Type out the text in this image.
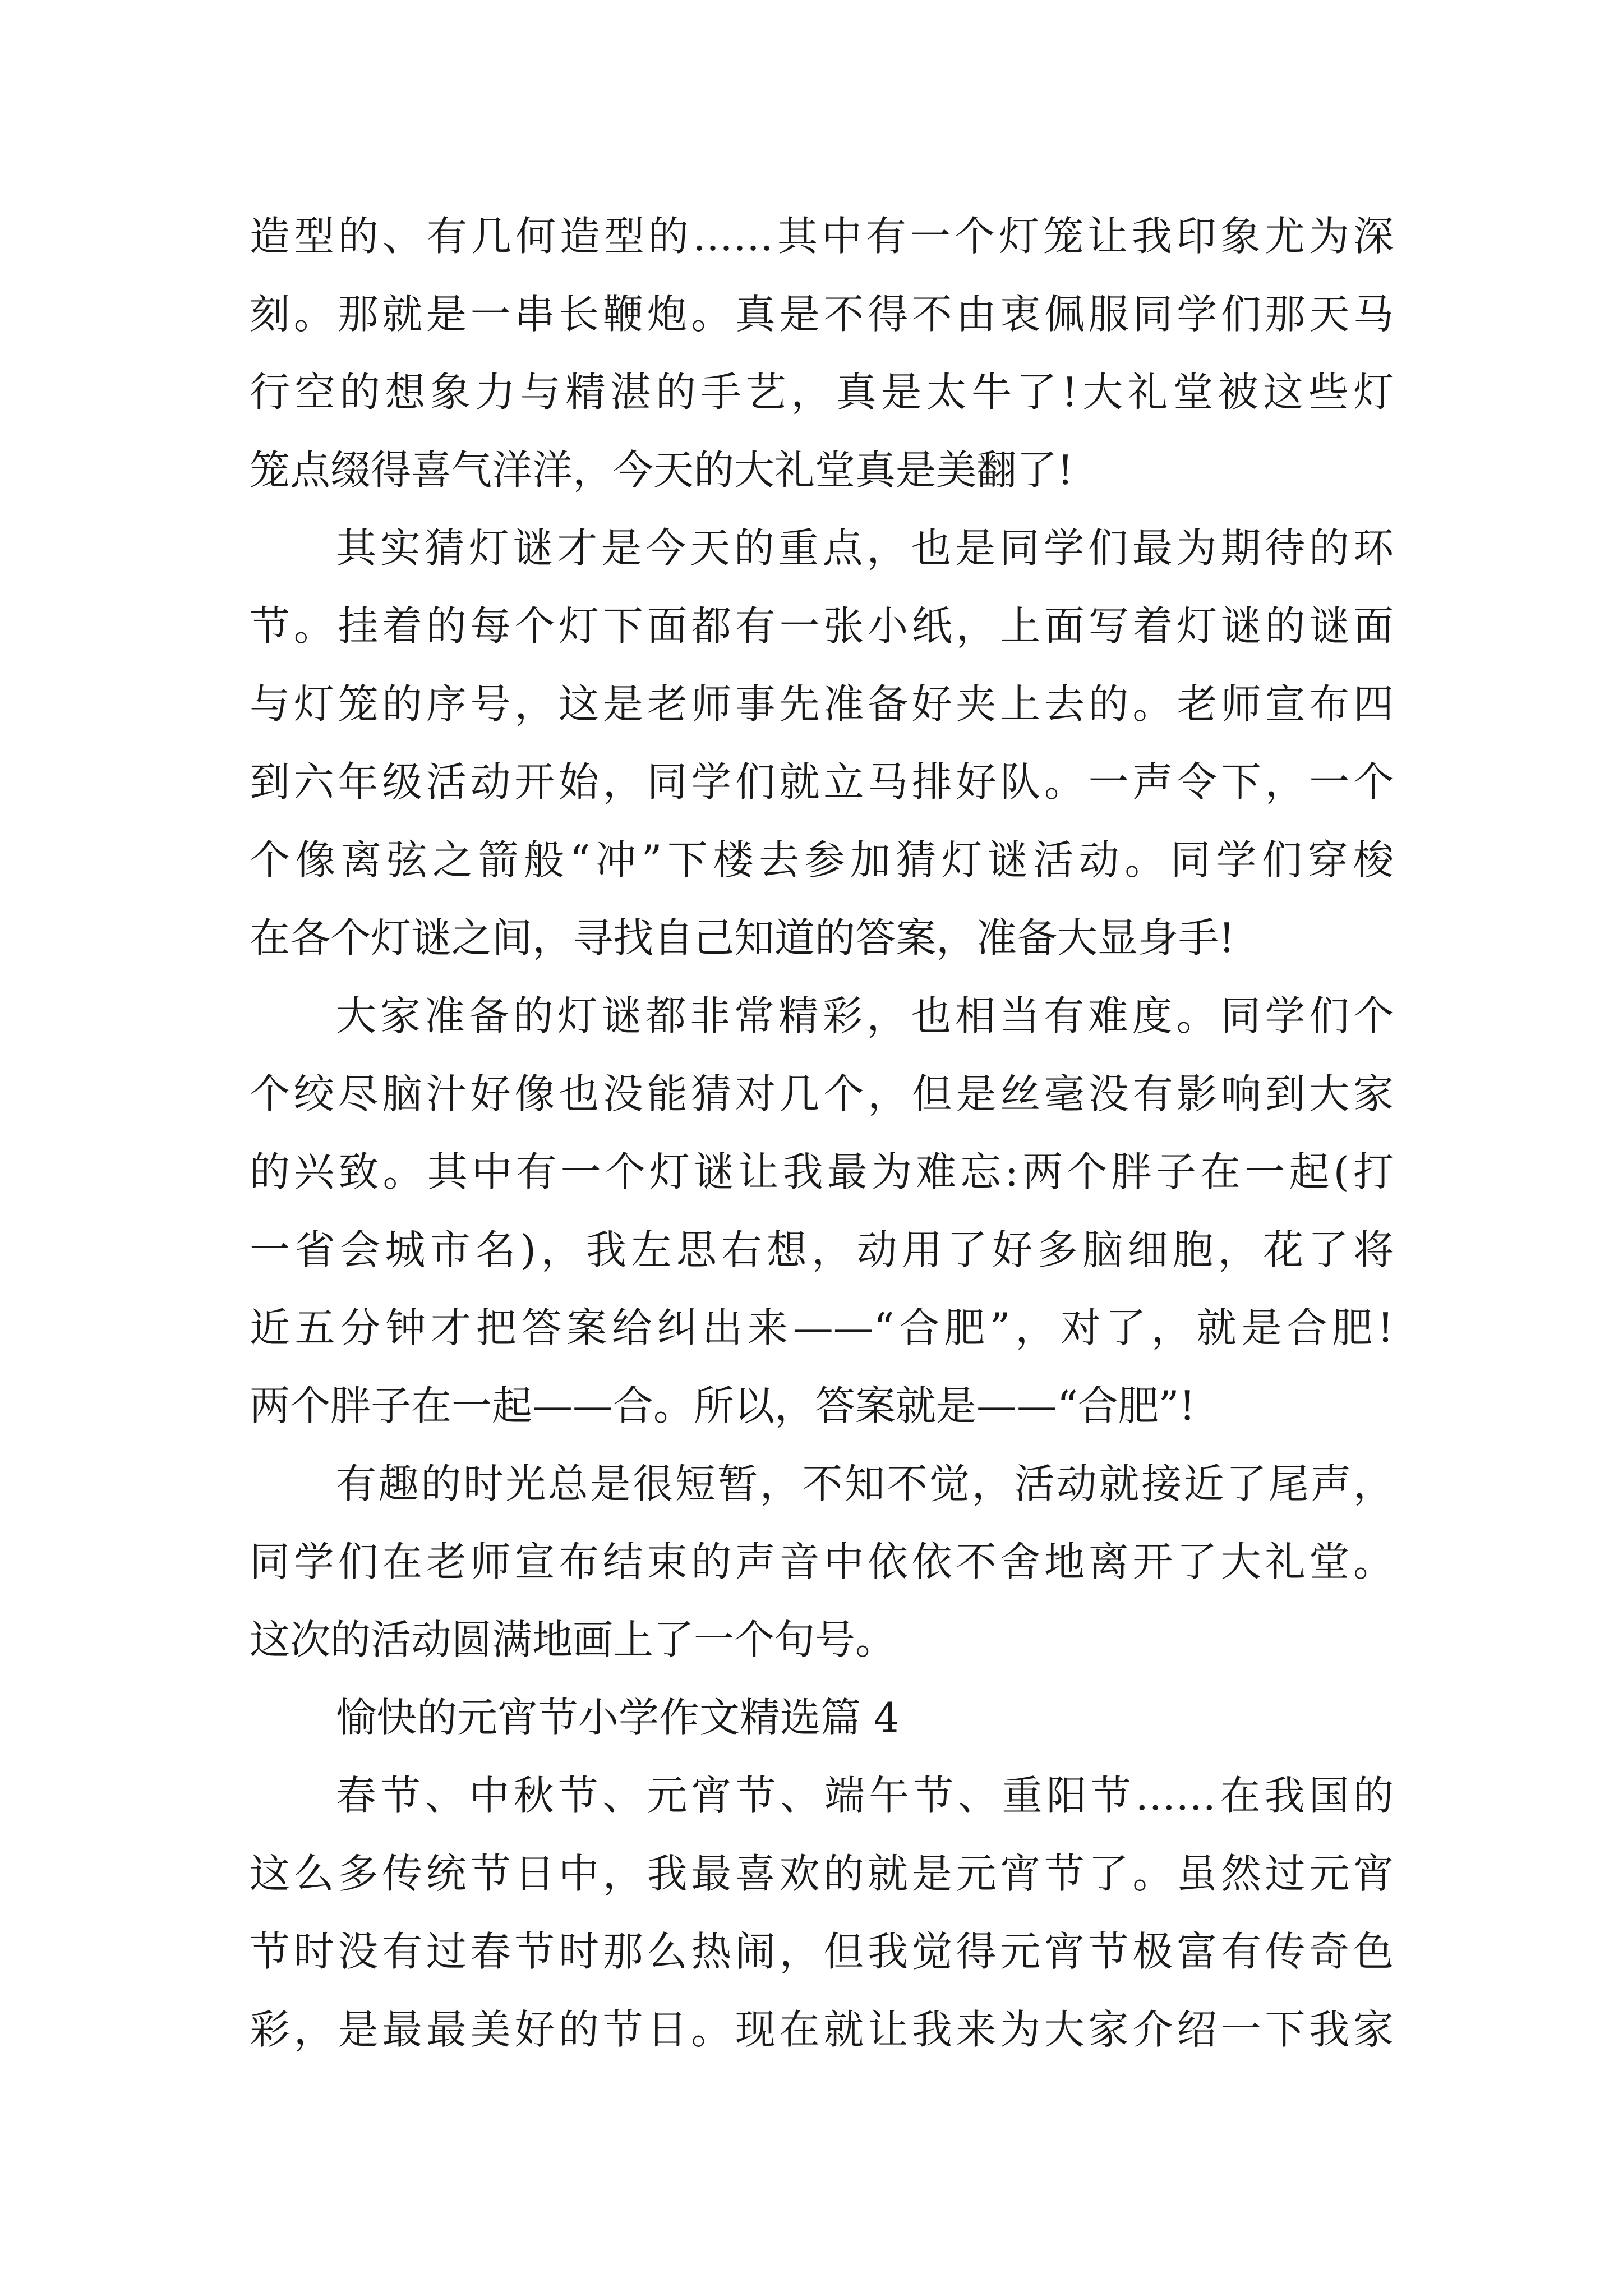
造型的、有几何造型的……其中有一个灯笼让我印象尤为深
刻。那就是一串长鞭炮。真是不得不由衷佩服同学们那天马
行空的想象力与精湛的手艺，真是太牛了!大礼堂被这些灯
笼点缀得喜气洋洋，今天的大礼堂真是美翻了!
其实猜灯谜才是今天的重点，也是同学们最为期待的环
节。挂着的每个灯下面都有一张小纸，上面写着灯谜的谜面
与灯笼的序号，这是老师事先准备好夹上去的。老师宣布四
到六年级活动开始，同学们就立马排好队。一声令下，一个
个像离弦之箭般“冲”下楼去参加猜灯谜活动。同学们穿梭
在各个灯谜之间，寻找自己知道的答案，准备大显身手!
大家准备的灯谜都非常精彩，也相当有难度。同学们个
个绞尽脑汁好像也没能猜对几个，但是丝毫没有影响到大家
的兴致。其中有一个灯谜让我最为难忘:两个胖子在一起(打
一省会城市名)，我左思右想，动用了好多脑细胞，花了将
近五分钟才把答案给纠出来——“合肥”，对了，就是合肥!
两个胖子在一起——合。所以，答案就是——“合肥”!
有趣的时光总是很短暂，不知不觉，活动就接近了尾声，
同学们在老师宣布结束的声音中依依不舍地离开了大礼堂。
这次的活动圆满地画上了一个句号。
愉快的元宵节小学作文精选篇 4
春节、中秋节、元宵节、端午节、重阳节……在我国的
这么多传统节日中，我最喜欢的就是元宵节了。虽然过元宵
节时没有过春节时那么热闹，但我觉得元宵节极富有传奇色
彩，是最最美好的节日。现在就让我来为大家介绍一下我家
